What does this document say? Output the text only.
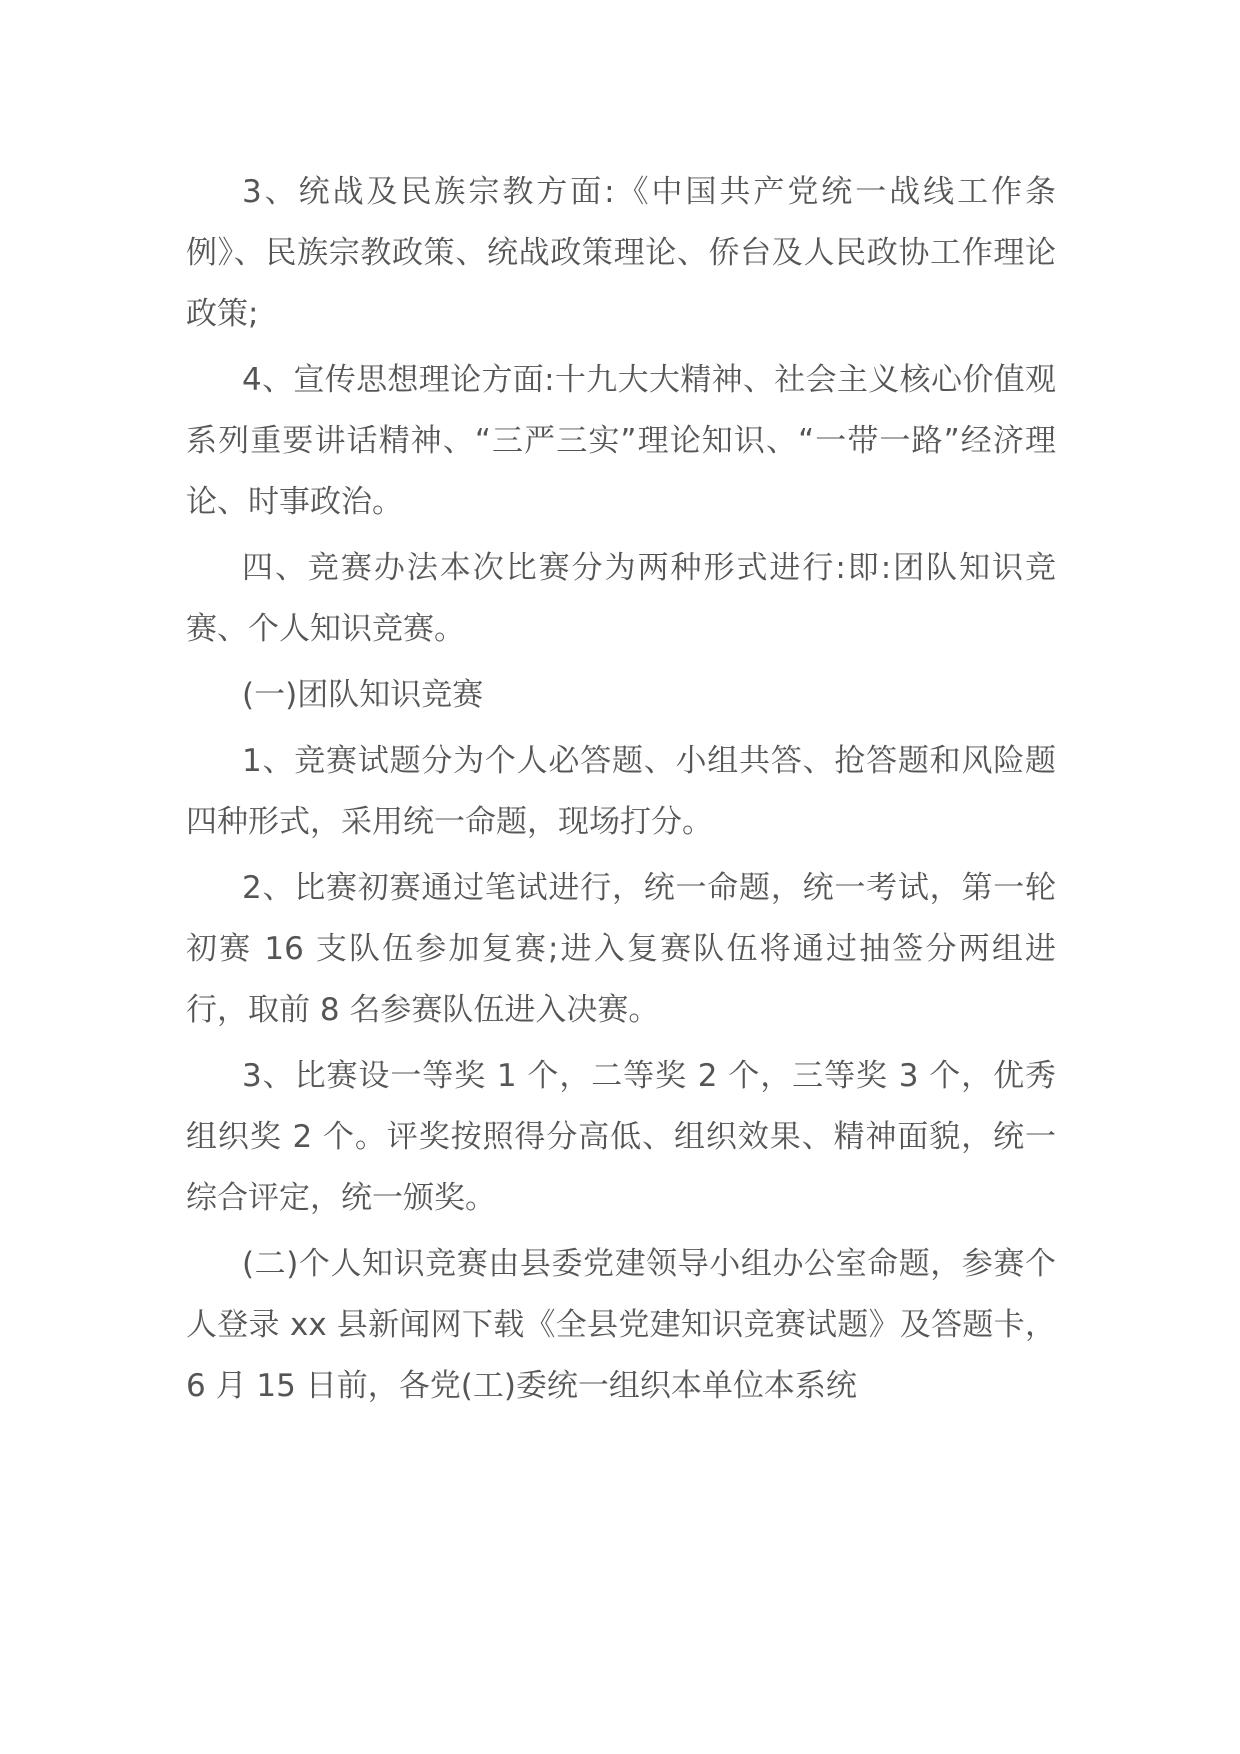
3、统战及民族宗教方面:《中国共产党统一战线工作条例》、民族宗教政策、统战政策理论、侨台及人民政协工作理论政策;

4、宣传思想理论方面:十九大大精神、社会主义核心价值观系列重要讲话精神、“三严三实”理论知识、“一带一路”经济理论、时事政治。

四、竞赛办法本次比赛分为两种形式进行:即:团队知识竞赛、个人知识竞赛。

(一)团队知识竞赛

1、竞赛试题分为个人必答题、小组共答、抢答题和风险题四种形式，采用统一命题，现场打分。

2、比赛初赛通过笔试进行，统一命题，统一考试，第一轮初赛 16 支队伍参加复赛;进入复赛队伍将通过抽签分两组进行，取前 8 名参赛队伍进入决赛。

3、比赛设一等奖 1 个，二等奖 2 个，三等奖 3 个，优秀组织奖 2 个。评奖按照得分高低、组织效果、精神面貌，统一综合评定，统一颁奖。

(二)个人知识竞赛由县委党建领导小组办公室命题，参赛个人登录 xx 县新闻网下载《全县党建知识竞赛试题》及答题卡，6 月 15 日前，各党(工)委统一组织本单位本系统
